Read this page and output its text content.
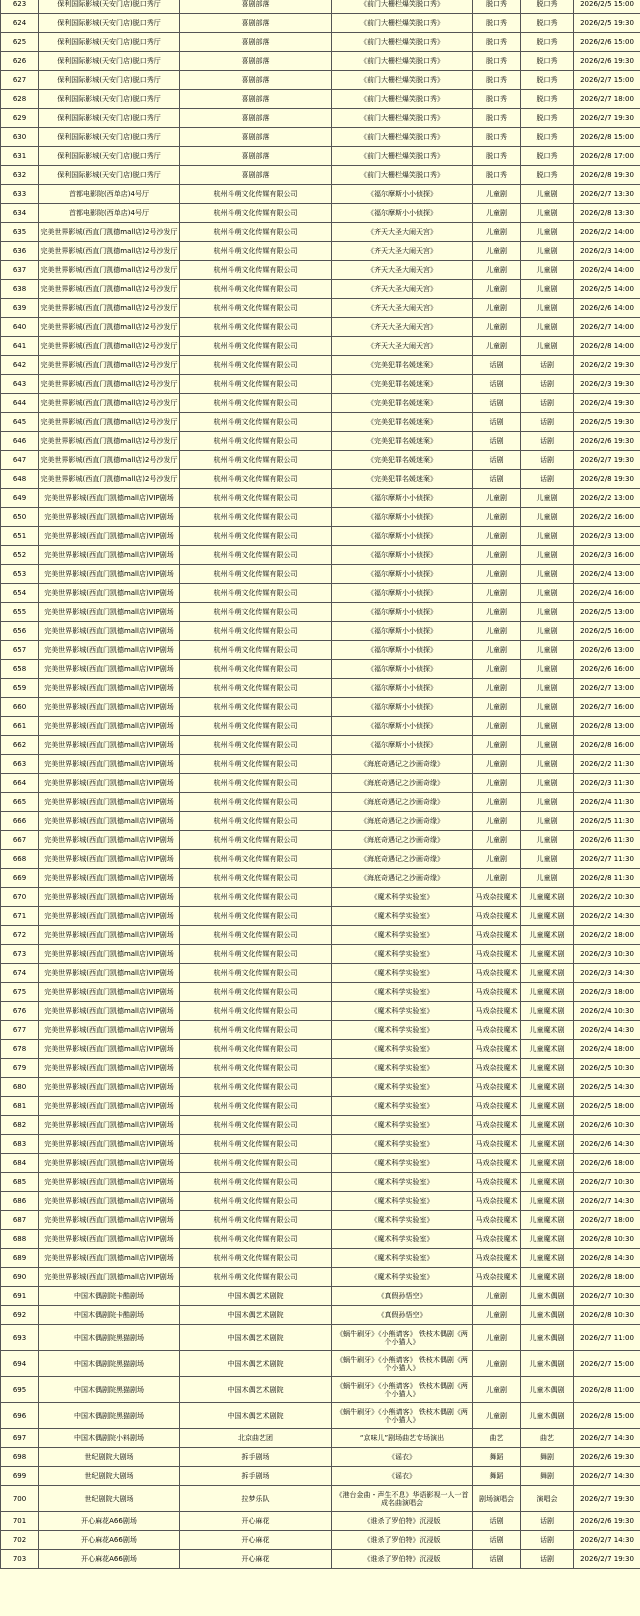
623	保利国际影城(天安门店)脱口秀厅	喜剧部落	《前门大栅栏爆笑脱口秀》	脱口秀	脱口秀	2026/2/5 15:00
624	保利国际影城(天安门店)脱口秀厅	喜剧部落	《前门大栅栏爆笑脱口秀》	脱口秀	脱口秀	2026/2/5 19:30
625	保利国际影城(天安门店)脱口秀厅	喜剧部落	《前门大栅栏爆笑脱口秀》	脱口秀	脱口秀	2026/2/6 15:00
626	保利国际影城(天安门店)脱口秀厅	喜剧部落	《前门大栅栏爆笑脱口秀》	脱口秀	脱口秀	2026/2/6 19:30
627	保利国际影城(天安门店)脱口秀厅	喜剧部落	《前门大栅栏爆笑脱口秀》	脱口秀	脱口秀	2026/2/7 15:00
628	保利国际影城(天安门店)脱口秀厅	喜剧部落	《前门大栅栏爆笑脱口秀》	脱口秀	脱口秀	2026/2/7 18:00
629	保利国际影城(天安门店)脱口秀厅	喜剧部落	《前门大栅栏爆笑脱口秀》	脱口秀	脱口秀	2026/2/7 19:30
630	保利国际影城(天安门店)脱口秀厅	喜剧部落	《前门大栅栏爆笑脱口秀》	脱口秀	脱口秀	2026/2/8 15:00
631	保利国际影城(天安门店)脱口秀厅	喜剧部落	《前门大栅栏爆笑脱口秀》	脱口秀	脱口秀	2026/2/8 17:00
632	保利国际影城(天安门店)脱口秀厅	喜剧部落	《前门大栅栏爆笑脱口秀》	脱口秀	脱口秀	2026/2/8 19:30
633	首都电影院(西单店)4号厅	杭州斗萌文化传媒有限公司	《福尔摩斯小小侦探》	儿童剧	儿童剧	2026/2/7 13:30
634	首都电影院(西单店)4号厅	杭州斗萌文化传媒有限公司	《福尔摩斯小小侦探》	儿童剧	儿童剧	2026/2/8 13:30
635	完美世界影城(西直门凯德mall店)2号沙发厅	杭州斗萌文化传媒有限公司	《齐天大圣大闹天宫》	儿童剧	儿童剧	2026/2/2 14:00
636	完美世界影城(西直门凯德mall店)2号沙发厅	杭州斗萌文化传媒有限公司	《齐天大圣大闹天宫》	儿童剧	儿童剧	2026/2/3 14:00
637	完美世界影城(西直门凯德mall店)2号沙发厅	杭州斗萌文化传媒有限公司	《齐天大圣大闹天宫》	儿童剧	儿童剧	2026/2/4 14:00
638	完美世界影城(西直门凯德mall店)2号沙发厅	杭州斗萌文化传媒有限公司	《齐天大圣大闹天宫》	儿童剧	儿童剧	2026/2/5 14:00
639	完美世界影城(西直门凯德mall店)2号沙发厅	杭州斗萌文化传媒有限公司	《齐天大圣大闹天宫》	儿童剧	儿童剧	2026/2/6 14:00
640	完美世界影城(西直门凯德mall店)2号沙发厅	杭州斗萌文化传媒有限公司	《齐天大圣大闹天宫》	儿童剧	儿童剧	2026/2/7 14:00
641	完美世界影城(西直门凯德mall店)2号沙发厅	杭州斗萌文化传媒有限公司	《齐天大圣大闹天宫》	儿童剧	儿童剧	2026/2/8 14:00
642	完美世界影城(西直门凯德mall店)2号沙发厅	杭州斗萌文化传媒有限公司	《完美犯罪名媛迷案》	话剧	话剧	2026/2/2 19:30
643	完美世界影城(西直门凯德mall店)2号沙发厅	杭州斗萌文化传媒有限公司	《完美犯罪名媛迷案》	话剧	话剧	2026/2/3 19:30
644	完美世界影城(西直门凯德mall店)2号沙发厅	杭州斗萌文化传媒有限公司	《完美犯罪名媛迷案》	话剧	话剧	2026/2/4 19:30
645	完美世界影城(西直门凯德mall店)2号沙发厅	杭州斗萌文化传媒有限公司	《完美犯罪名媛迷案》	话剧	话剧	2026/2/5 19:30
646	完美世界影城(西直门凯德mall店)2号沙发厅	杭州斗萌文化传媒有限公司	《完美犯罪名媛迷案》	话剧	话剧	2026/2/6 19:30
647	完美世界影城(西直门凯德mall店)2号沙发厅	杭州斗萌文化传媒有限公司	《完美犯罪名媛迷案》	话剧	话剧	2026/2/7 19:30
648	完美世界影城(西直门凯德mall店)2号沙发厅	杭州斗萌文化传媒有限公司	《完美犯罪名媛迷案》	话剧	话剧	2026/2/8 19:30
649	完美世界影城(西直门凯德mall店)VIP剧场	杭州斗萌文化传媒有限公司	《福尔摩斯小小侦探》	儿童剧	儿童剧	2026/2/2 13:00
650	完美世界影城(西直门凯德mall店)VIP剧场	杭州斗萌文化传媒有限公司	《福尔摩斯小小侦探》	儿童剧	儿童剧	2026/2/2 16:00
651	完美世界影城(西直门凯德mall店)VIP剧场	杭州斗萌文化传媒有限公司	《福尔摩斯小小侦探》	儿童剧	儿童剧	2026/2/3 13:00
652	完美世界影城(西直门凯德mall店)VIP剧场	杭州斗萌文化传媒有限公司	《福尔摩斯小小侦探》	儿童剧	儿童剧	2026/2/3 16:00
653	完美世界影城(西直门凯德mall店)VIP剧场	杭州斗萌文化传媒有限公司	《福尔摩斯小小侦探》	儿童剧	儿童剧	2026/2/4 13:00
654	完美世界影城(西直门凯德mall店)VIP剧场	杭州斗萌文化传媒有限公司	《福尔摩斯小小侦探》	儿童剧	儿童剧	2026/2/4 16:00
655	完美世界影城(西直门凯德mall店)VIP剧场	杭州斗萌文化传媒有限公司	《福尔摩斯小小侦探》	儿童剧	儿童剧	2026/2/5 13:00
656	完美世界影城(西直门凯德mall店)VIP剧场	杭州斗萌文化传媒有限公司	《福尔摩斯小小侦探》	儿童剧	儿童剧	2026/2/5 16:00
657	完美世界影城(西直门凯德mall店)VIP剧场	杭州斗萌文化传媒有限公司	《福尔摩斯小小侦探》	儿童剧	儿童剧	2026/2/6 13:00
658	完美世界影城(西直门凯德mall店)VIP剧场	杭州斗萌文化传媒有限公司	《福尔摩斯小小侦探》	儿童剧	儿童剧	2026/2/6 16:00
659	完美世界影城(西直门凯德mall店)VIP剧场	杭州斗萌文化传媒有限公司	《福尔摩斯小小侦探》	儿童剧	儿童剧	2026/2/7 13:00
660	完美世界影城(西直门凯德mall店)VIP剧场	杭州斗萌文化传媒有限公司	《福尔摩斯小小侦探》	儿童剧	儿童剧	2026/2/7 16:00
661	完美世界影城(西直门凯德mall店)VIP剧场	杭州斗萌文化传媒有限公司	《福尔摩斯小小侦探》	儿童剧	儿童剧	2026/2/8 13:00
662	完美世界影城(西直门凯德mall店)VIP剧场	杭州斗萌文化传媒有限公司	《福尔摩斯小小侦探》	儿童剧	儿童剧	2026/2/8 16:00
663	完美世界影城(西直门凯德mall店)VIP剧场	杭州斗萌文化传媒有限公司	《海底奇遇记之沙画奇缘》	儿童剧	儿童剧	2026/2/2 11:30
664	完美世界影城(西直门凯德mall店)VIP剧场	杭州斗萌文化传媒有限公司	《海底奇遇记之沙画奇缘》	儿童剧	儿童剧	2026/2/3 11:30
665	完美世界影城(西直门凯德mall店)VIP剧场	杭州斗萌文化传媒有限公司	《海底奇遇记之沙画奇缘》	儿童剧	儿童剧	2026/2/4 11:30
666	完美世界影城(西直门凯德mall店)VIP剧场	杭州斗萌文化传媒有限公司	《海底奇遇记之沙画奇缘》	儿童剧	儿童剧	2026/2/5 11:30
667	完美世界影城(西直门凯德mall店)VIP剧场	杭州斗萌文化传媒有限公司	《海底奇遇记之沙画奇缘》	儿童剧	儿童剧	2026/2/6 11:30
668	完美世界影城(西直门凯德mall店)VIP剧场	杭州斗萌文化传媒有限公司	《海底奇遇记之沙画奇缘》	儿童剧	儿童剧	2026/2/7 11:30
669	完美世界影城(西直门凯德mall店)VIP剧场	杭州斗萌文化传媒有限公司	《海底奇遇记之沙画奇缘》	儿童剧	儿童剧	2026/2/8 11:30
670	完美世界影城(西直门凯德mall店)VIP剧场	杭州斗萌文化传媒有限公司	《魔术科学实验室》	马戏杂技魔术	儿童魔术剧	2026/2/2 10:30
671	完美世界影城(西直门凯德mall店)VIP剧场	杭州斗萌文化传媒有限公司	《魔术科学实验室》	马戏杂技魔术	儿童魔术剧	2026/2/2 14:30
672	完美世界影城(西直门凯德mall店)VIP剧场	杭州斗萌文化传媒有限公司	《魔术科学实验室》	马戏杂技魔术	儿童魔术剧	2026/2/2 18:00
673	完美世界影城(西直门凯德mall店)VIP剧场	杭州斗萌文化传媒有限公司	《魔术科学实验室》	马戏杂技魔术	儿童魔术剧	2026/2/3 10:30
674	完美世界影城(西直门凯德mall店)VIP剧场	杭州斗萌文化传媒有限公司	《魔术科学实验室》	马戏杂技魔术	儿童魔术剧	2026/2/3 14:30
675	完美世界影城(西直门凯德mall店)VIP剧场	杭州斗萌文化传媒有限公司	《魔术科学实验室》	马戏杂技魔术	儿童魔术剧	2026/2/3 18:00
676	完美世界影城(西直门凯德mall店)VIP剧场	杭州斗萌文化传媒有限公司	《魔术科学实验室》	马戏杂技魔术	儿童魔术剧	2026/2/4 10:30
677	完美世界影城(西直门凯德mall店)VIP剧场	杭州斗萌文化传媒有限公司	《魔术科学实验室》	马戏杂技魔术	儿童魔术剧	2026/2/4 14:30
678	完美世界影城(西直门凯德mall店)VIP剧场	杭州斗萌文化传媒有限公司	《魔术科学实验室》	马戏杂技魔术	儿童魔术剧	2026/2/4 18:00
679	完美世界影城(西直门凯德mall店)VIP剧场	杭州斗萌文化传媒有限公司	《魔术科学实验室》	马戏杂技魔术	儿童魔术剧	2026/2/5 10:30
680	完美世界影城(西直门凯德mall店)VIP剧场	杭州斗萌文化传媒有限公司	《魔术科学实验室》	马戏杂技魔术	儿童魔术剧	2026/2/5 14:30
681	完美世界影城(西直门凯德mall店)VIP剧场	杭州斗萌文化传媒有限公司	《魔术科学实验室》	马戏杂技魔术	儿童魔术剧	2026/2/5 18:00
682	完美世界影城(西直门凯德mall店)VIP剧场	杭州斗萌文化传媒有限公司	《魔术科学实验室》	马戏杂技魔术	儿童魔术剧	2026/2/6 10:30
683	完美世界影城(西直门凯德mall店)VIP剧场	杭州斗萌文化传媒有限公司	《魔术科学实验室》	马戏杂技魔术	儿童魔术剧	2026/2/6 14:30
684	完美世界影城(西直门凯德mall店)VIP剧场	杭州斗萌文化传媒有限公司	《魔术科学实验室》	马戏杂技魔术	儿童魔术剧	2026/2/6 18:00
685	完美世界影城(西直门凯德mall店)VIP剧场	杭州斗萌文化传媒有限公司	《魔术科学实验室》	马戏杂技魔术	儿童魔术剧	2026/2/7 10:30
686	完美世界影城(西直门凯德mall店)VIP剧场	杭州斗萌文化传媒有限公司	《魔术科学实验室》	马戏杂技魔术	儿童魔术剧	2026/2/7 14:30
687	完美世界影城(西直门凯德mall店)VIP剧场	杭州斗萌文化传媒有限公司	《魔术科学实验室》	马戏杂技魔术	儿童魔术剧	2026/2/7 18:00
688	完美世界影城(西直门凯德mall店)VIP剧场	杭州斗萌文化传媒有限公司	《魔术科学实验室》	马戏杂技魔术	儿童魔术剧	2026/2/8 10:30
689	完美世界影城(西直门凯德mall店)VIP剧场	杭州斗萌文化传媒有限公司	《魔术科学实验室》	马戏杂技魔术	儿童魔术剧	2026/2/8 14:30
690	完美世界影城(西直门凯德mall店)VIP剧场	杭州斗萌文化传媒有限公司	《魔术科学实验室》	马戏杂技魔术	儿童魔术剧	2026/2/8 18:00
691	中国木偶剧院卡酷剧场	中国木偶艺术剧院	《真假孙悟空》	儿童剧	儿童木偶剧	2026/2/7 10:30
692	中国木偶剧院卡酷剧场	中国木偶艺术剧院	《真假孙悟空》	儿童剧	儿童木偶剧	2026/2/8 10:30
693	中国木偶剧院黑猫剧场	中国木偶艺术剧院	《蜗牛刷牙》《小熊请客》 铁枝木偶剧《两个小猫人》	儿童剧	儿童木偶剧	2026/2/7 11:00
694	中国木偶剧院黑猫剧场	中国木偶艺术剧院	《蜗牛刷牙》《小熊请客》 铁枝木偶剧《两个小猫人》	儿童剧	儿童木偶剧	2026/2/7 15:00
695	中国木偶剧院黑猫剧场	中国木偶艺术剧院	《蜗牛刷牙》《小熊请客》 铁枝木偶剧《两个小猫人》	儿童剧	儿童木偶剧	2026/2/8 11:00
696	中国木偶剧院黑猫剧场	中国木偶艺术剧院	《蜗牛刷牙》《小熊请客》 铁枝木偶剧《两个小猫人》	儿童剧	儿童木偶剧	2026/2/8 15:00
697	中国木偶剧院小料剧场	北京曲艺团	“京味儿”剧场曲艺专场演出	曲艺	曲艺	2026/2/7 14:30
698	世纪剧院大剧场	拆手剧场	《谣衣》	舞蹈	舞剧	2026/2/6 19:30
699	世纪剧院大剧场	拆手剧场	《谣衣》	舞蹈	舞剧	2026/2/7 14:30
700	世纪剧院大剧场	拉梦乐队	《港台金曲・声生不息》华语影视一人一首成名曲演唱会	剧场演唱会	演唱会	2026/2/7 19:30
701	开心麻花A66剧场	开心麻花	《谁杀了罗伯特》沉浸版	话剧	话剧	2026/2/6 19:30
702	开心麻花A66剧场	开心麻花	《谁杀了罗伯特》沉浸版	话剧	话剧	2026/2/7 14:30
703	开心麻花A66剧场	开心麻花	《谁杀了罗伯特》沉浸版	话剧	话剧	2026/2/7 19:30
